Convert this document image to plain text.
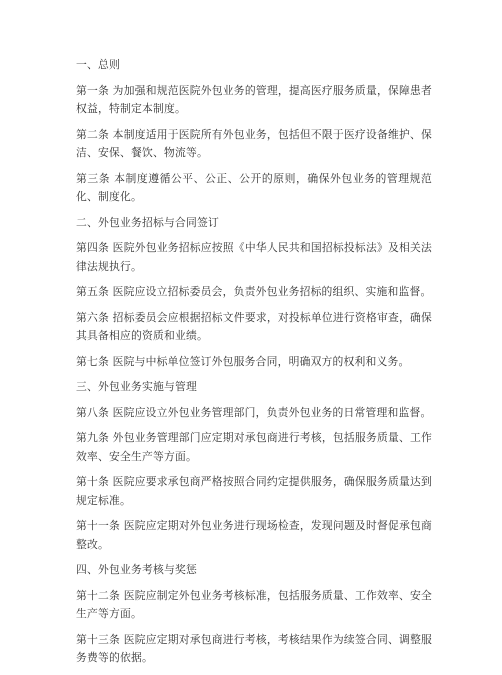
一、总则

第一条 为加强和规范医院外包业务的管理，提高医疗服务质量，保障患者权益，特制定本制度。

第二条 本制度适用于医院所有外包业务，包括但不限于医疗设备维护、保洁、安保、餐饮、物流等。

第三条 本制度遵循公平、公正、公开的原则，确保外包业务的管理规范化、制度化。

二、外包业务招标与合同签订

第四条 医院外包业务招标应按照《中华人民共和国招标投标法》及相关法律法规执行。

第五条 医院应设立招标委员会，负责外包业务招标的组织、实施和监督。

第六条 招标委员会应根据招标文件要求，对投标单位进行资格审查，确保其具备相应的资质和业绩。

第七条 医院与中标单位签订外包服务合同，明确双方的权利和义务。

三、外包业务实施与管理

第八条 医院应设立外包业务管理部门，负责外包业务的日常管理和监督。

第九条 外包业务管理部门应定期对承包商进行考核，包括服务质量、工作效率、安全生产等方面。

第十条 医院应要求承包商严格按照合同约定提供服务，确保服务质量达到规定标准。

第十一条 医院应定期对外包业务进行现场检查，发现问题及时督促承包商整改。

四、外包业务考核与奖惩

第十二条 医院应制定外包业务考核标准，包括服务质量、工作效率、安全生产等方面。

第十三条 医院应定期对承包商进行考核，考核结果作为续签合同、调整服务费等的依据。
